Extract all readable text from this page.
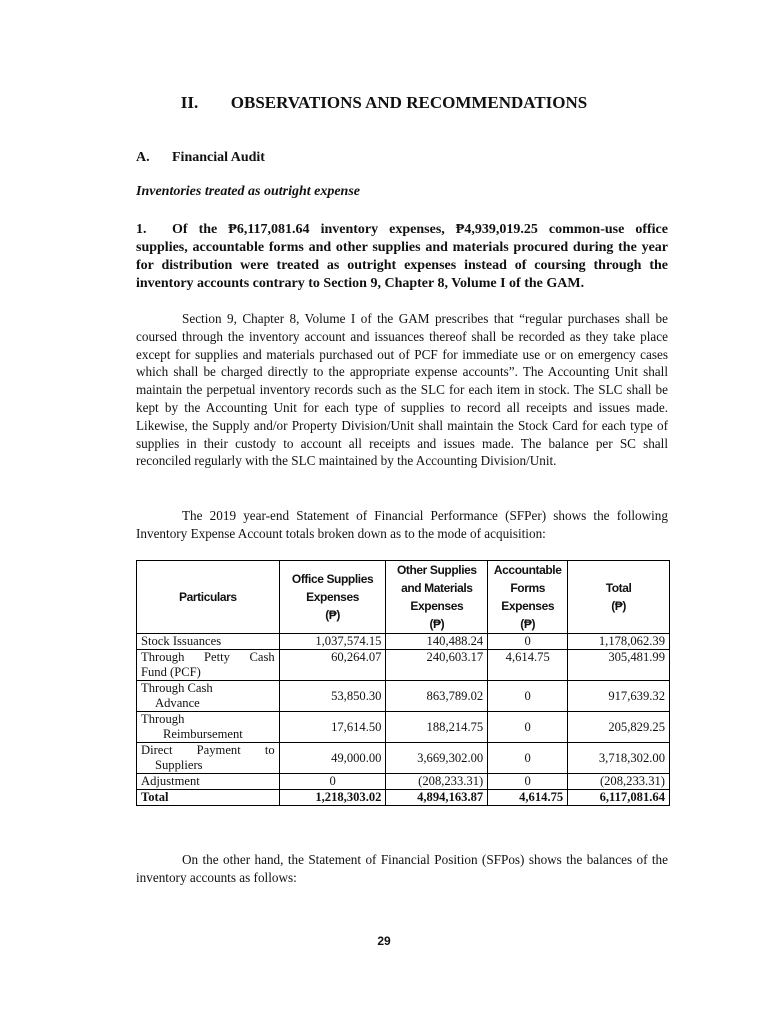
II. OBSERVATIONS AND RECOMMENDATIONS
A. Financial Audit
Inventories treated as outright expense
1. Of the ₱6,117,081.64 inventory expenses, ₱4,939,019.25 common-use office supplies, accountable forms and other supplies and materials procured during the year for distribution were treated as outright expenses instead of coursing through the inventory accounts contrary to Section 9, Chapter 8, Volume I of the GAM.
Section 9, Chapter 8, Volume I of the GAM prescribes that “regular purchases shall be coursed through the inventory account and issuances thereof shall be recorded as they take place except for supplies and materials purchased out of PCF for immediate use or on emergency cases which shall be charged directly to the appropriate expense accounts”. The Accounting Unit shall maintain the perpetual inventory records such as the SLC for each item in stock. The SLC shall be kept by the Accounting Unit for each type of supplies to record all receipts and issues made. Likewise, the Supply and/or Property Division/Unit shall maintain the Stock Card for each type of supplies in their custody to account all receipts and issues made. The balance per SC shall reconciled regularly with the SLC maintained by the Accounting Division/Unit.
The 2019 year-end Statement of Financial Performance (SFPer) shows the following Inventory Expense Account totals broken down as to the mode of acquisition:
Particulars	Office Supplies
Expenses
(₱)	Other Supplies
and Materials
Expenses
(₱)	Accountable
Forms
Expenses
(₱)	Total
(₱)
Stock Issuances	1,037,574.15	140,488.24	0	1,178,062.39
Through Petty Cash

Fund (PCF)	60,264.07	240,603.17	4,614.75	305,481.99
Through Cash
Advance	53,850.30	863,789.02	0	917,639.32
Through
Reimbursement	17,614.50	188,214.75	0	205,829.25

Direct Payment to
Suppliers	49,000.00	3,669,302.00	0	3,718,302.00
Adjustment	0	(208,233.31)	0	(208,233.31)
Total	1,218,303.02	4,894,163.87	4,614.75	6,117,081.64
On the other hand, the Statement of Financial Position (SFPos) shows the balances of the inventory accounts as follows:
29
